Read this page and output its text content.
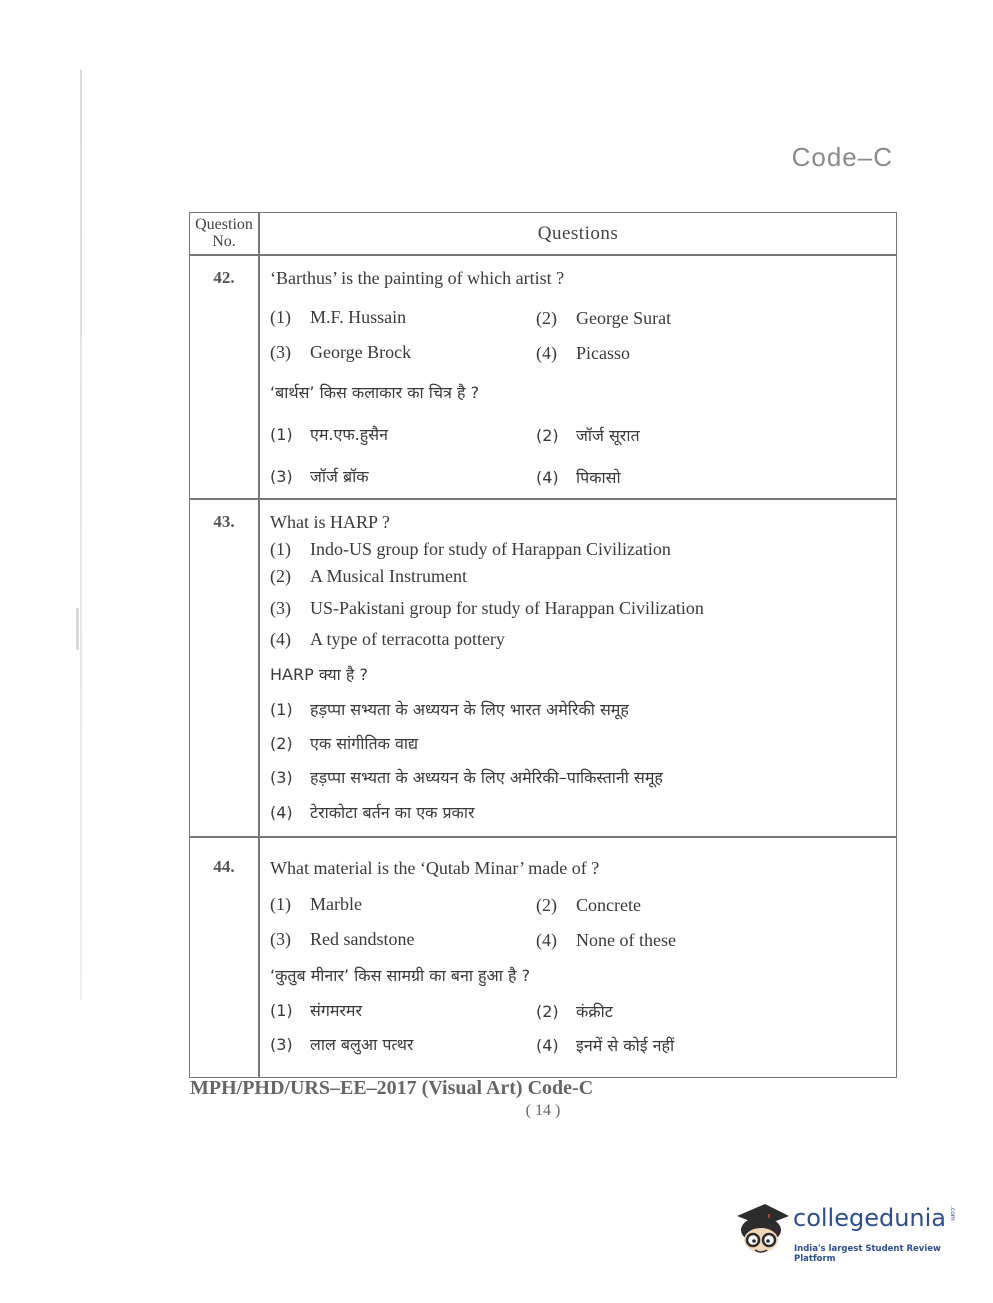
Code–C
Question
No.	Questions
42.	‘Barthus’ is the painting of which artist ?
(1) M.F. Hussain	(2) George Surat
(3) George Brock	(4) Picasso
‘बार्थस’ किस कलाकार का चित्र है ?
(1) एम.एफ.हुसैन	(2) जॉर्ज सूरात
(3) जॉर्ज ब्रॉक	(4) पिकासो
43.	What is HARP ?
(1) Indo-US group for study of Harappan Civilization
(2) A Musical Instrument
(3) US-Pakistani group for study of Harappan Civilization
(4) A type of terracotta pottery
HARP क्या है ?
(1) हड़प्पा सभ्यता के अध्ययन के लिए भारत अमेरिकी समूह
(2) एक सांगीतिक वाद्य
(3) हड़प्पा सभ्यता के अध्ययन के लिए अमेरिकी–पाकिस्तानी समूह
(4) टेराकोटा बर्तन का एक प्रकार
44.	What material is the ‘Qutab Minar’ made of ?
(1) Marble	(2) Concrete
(3) Red sandstone	(4) None of these
‘कुतुब मीनार’ किस सामग्री का बना हुआ है ?
(1) संगमरमर	(2) कंक्रीट
(3) लाल बलुआ पत्थर	(4) इनमें से कोई नहीं
MPH/PHD/URS–EE–2017 (Visual Art) Code-C
( 14 )
collegedunia .com
India's largest Student Review Platform
